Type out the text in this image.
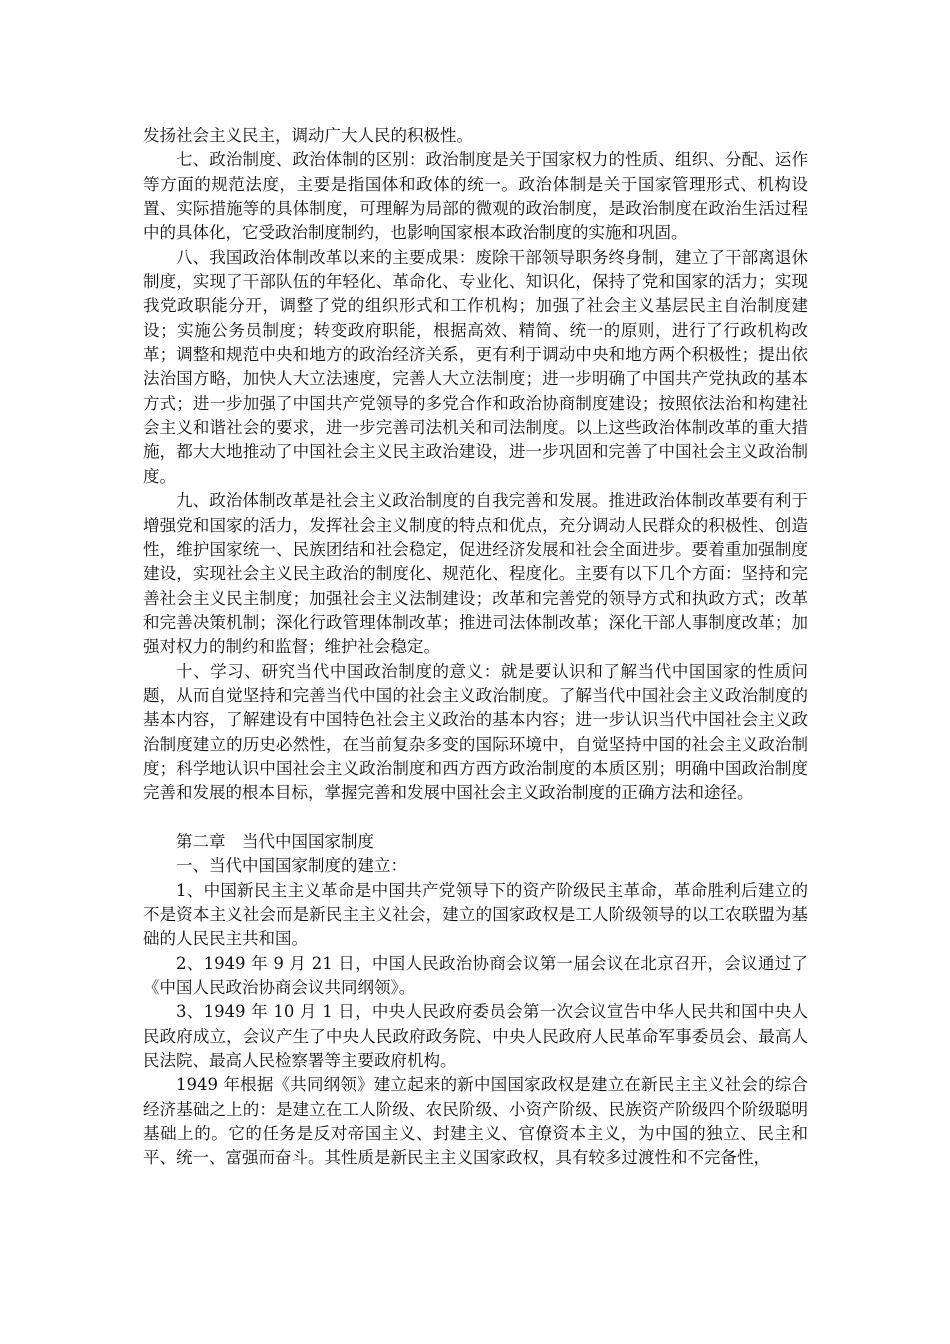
发扬社会主义民主，调动广大人民的积极性。

七、政治制度、政治体制的区别：政治制度是关于国家权力的性质、组织、分配、运作等方面的规范法度，主要是指国体和政体的统一。政治体制是关于国家管理形式、机构设置、实际措施等的具体制度，可理解为局部的微观的政治制度，是政治制度在政治生活过程中的具体化，它受政治制度制约，也影响国家根本政治制度的实施和巩固。

八、我国政治体制改革以来的主要成果：废除干部领导职务终身制，建立了干部离退休制度，实现了干部队伍的年轻化、革命化、专业化、知识化，保持了党和国家的活力；实现我党政职能分开，调整了党的组织形式和工作机构；加强了社会主义基层民主自治制度建设；实施公务员制度；转变政府职能，根据高效、精简、统一的原则，进行了行政机构改革；调整和规范中央和地方的政治经济关系，更有利于调动中央和地方两个积极性；提出依法治国方略，加快人大立法速度，完善人大立法制度；进一步明确了中国共产党执政的基本方式；进一步加强了中国共产党领导的多党合作和政治协商制度建设；按照依法治和构建社会主义和谐社会的要求，进一步完善司法机关和司法制度。以上这些政治体制改革的重大措施，都大大地推动了中国社会主义民主政治建设，进一步巩固和完善了中国社会主义政治制度。

九、政治体制改革是社会主义政治制度的自我完善和发展。推进政治体制改革要有利于增强党和国家的活力，发挥社会主义制度的特点和优点，充分调动人民群众的积极性、创造性，维护国家统一、民族团结和社会稳定，促进经济发展和社会全面进步。要着重加强制度建设，实现社会主义民主政治的制度化、规范化、程度化。主要有以下几个方面：坚持和完善社会主义民主制度；加强社会主义法制建设；改革和完善党的领导方式和执政方式；改革和完善决策机制；深化行政管理体制改革；推进司法体制改革；深化干部人事制度改革；加强对权力的制约和监督；维护社会稳定。

十、学习、研究当代中国政治制度的意义：就是要认识和了解当代中国国家的性质问题，从而自觉坚持和完善当代中国的社会主义政治制度。了解当代中国社会主义政治制度的基本内容，了解建设有中国特色社会主义政治的基本内容；进一步认识当代中国社会主义政治制度建立的历史必然性，在当前复杂多变的国际环境中，自觉坚持中国的社会主义政治制度；科学地认识中国社会主义政治制度和西方西方政治制度的本质区别；明确中国政治制度完善和发展的根本目标，掌握完善和发展中国社会主义政治制度的正确方法和途径。

第二章　当代中国国家制度

一、当代中国国家制度的建立：

1、中国新民主主义革命是中国共产党领导下的资产阶级民主革命，革命胜利后建立的不是资本主义社会而是新民主主义社会，建立的国家政权是工人阶级领导的以工农联盟为基础的人民民主共和国。

2、1949 年 9 月 21 日，中国人民政治协商会议第一届会议在北京召开，会议通过了《中国人民政治协商会议共同纲领》。

3、1949 年 10 月 1 日，中央人民政府委员会第一次会议宣告中华人民共和国中央人民政府成立，会议产生了中央人民政府政务院、中央人民政府人民革命军事委员会、最高人民法院、最高人民检察署等主要政府机构。

1949 年根据《共同纲领》建立起来的新中国国家政权是建立在新民主主义社会的综合经济基础之上的：是建立在工人阶级、农民阶级、小资产阶级、民族资产阶级四个阶级聪明基础上的。它的任务是反对帝国主义、封建主义、官僚资本主义，为中国的独立、民主和平、统一、富强而奋斗。其性质是新民主主义国家政权，具有较多过渡性和不完备性，
